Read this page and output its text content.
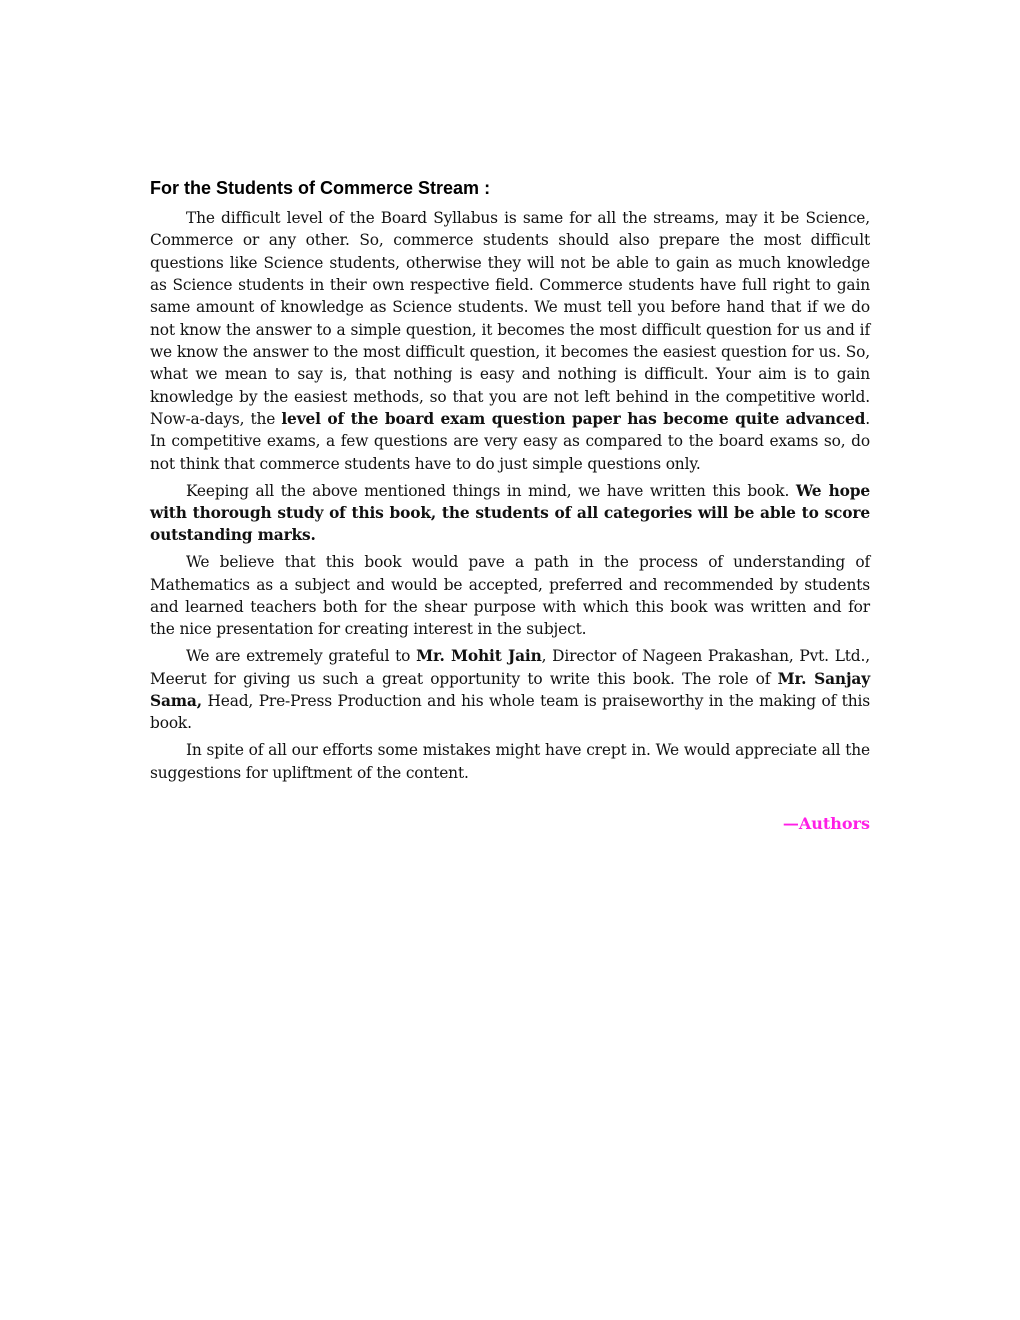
For the Students of Commerce Stream :

The difficult level of the Board Syllabus is same for all the streams, may it be Science, Commerce or any other. So, commerce students should also prepare the most difficult questions like Science students, otherwise they will not be able to gain as much knowledge as Science students in their own respective field. Commerce students have full right to gain same amount of knowledge as Science students. We must tell you before hand that if we do not know the answer to a simple question, it becomes the most difficult question for us and if we know the answer to the most difficult question, it becomes the easiest question for us. So, what we mean to say is, that nothing is easy and nothing is difficult. Your aim is to gain knowledge by the easiest methods, so that you are not left behind in the competitive world. Now-a-days, the level of the board exam question paper has become quite advanced. In competitive exams, a few questions are very easy as compared to the board exams so, do not think that commerce students have to do just simple questions only.

Keeping all the above mentioned things in mind, we have written this book. We hope with thorough study of this book, the students of all categories will be able to score outstanding marks.

We believe that this book would pave a path in the process of understanding of Mathematics as a subject and would be accepted, preferred and recommended by students and learned teachers both for the shear purpose with which this book was written and for the nice presentation for creating interest in the subject.

We are extremely grateful to Mr. Mohit Jain, Director of Nageen Prakashan, Pvt. Ltd., Meerut for giving us such a great opportunity to write this book. The role of Mr. Sanjay Sama, Head, Pre-Press Production and his whole team is praiseworthy in the making of this book.

In spite of all our efforts some mistakes might have crept in. We would appreciate all the suggestions for upliftment of the content.

—Authors
